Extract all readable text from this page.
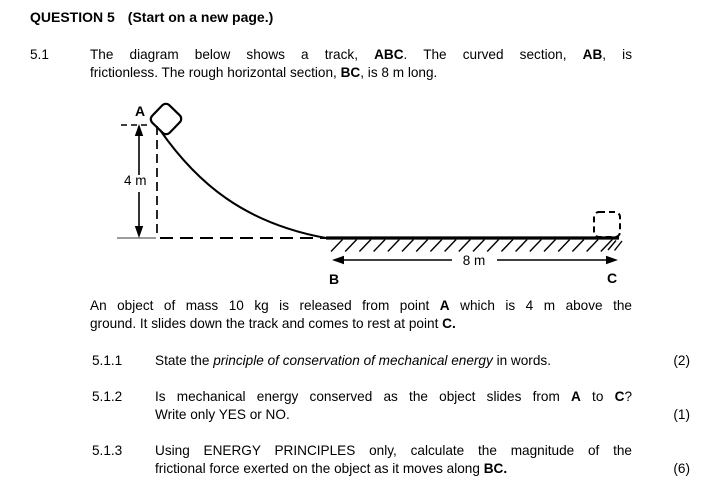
QUESTION 5 (Start on a new page.)
5.1	The diagram below shows a track, ABC. The curved section, AB, is
frictionless. The rough horizontal section, BC, is 8 m long.
A
4 m
8 m
B	C
An object of mass 10 kg is released from point A which is 4 m above the
ground. It slides down the track and comes to rest at point C.
5.1.1 State the principle of conservation of mechanical energy in words.	(2)
5.1.2 Is mechanical energy conserved as the object slides from A to C?
Write only YES or NO.	(1)
5.1.3 Using ENERGY PRINCIPLES only, calculate the magnitude of the
frictional force exerted on the object as it moves along BC.	(6)
